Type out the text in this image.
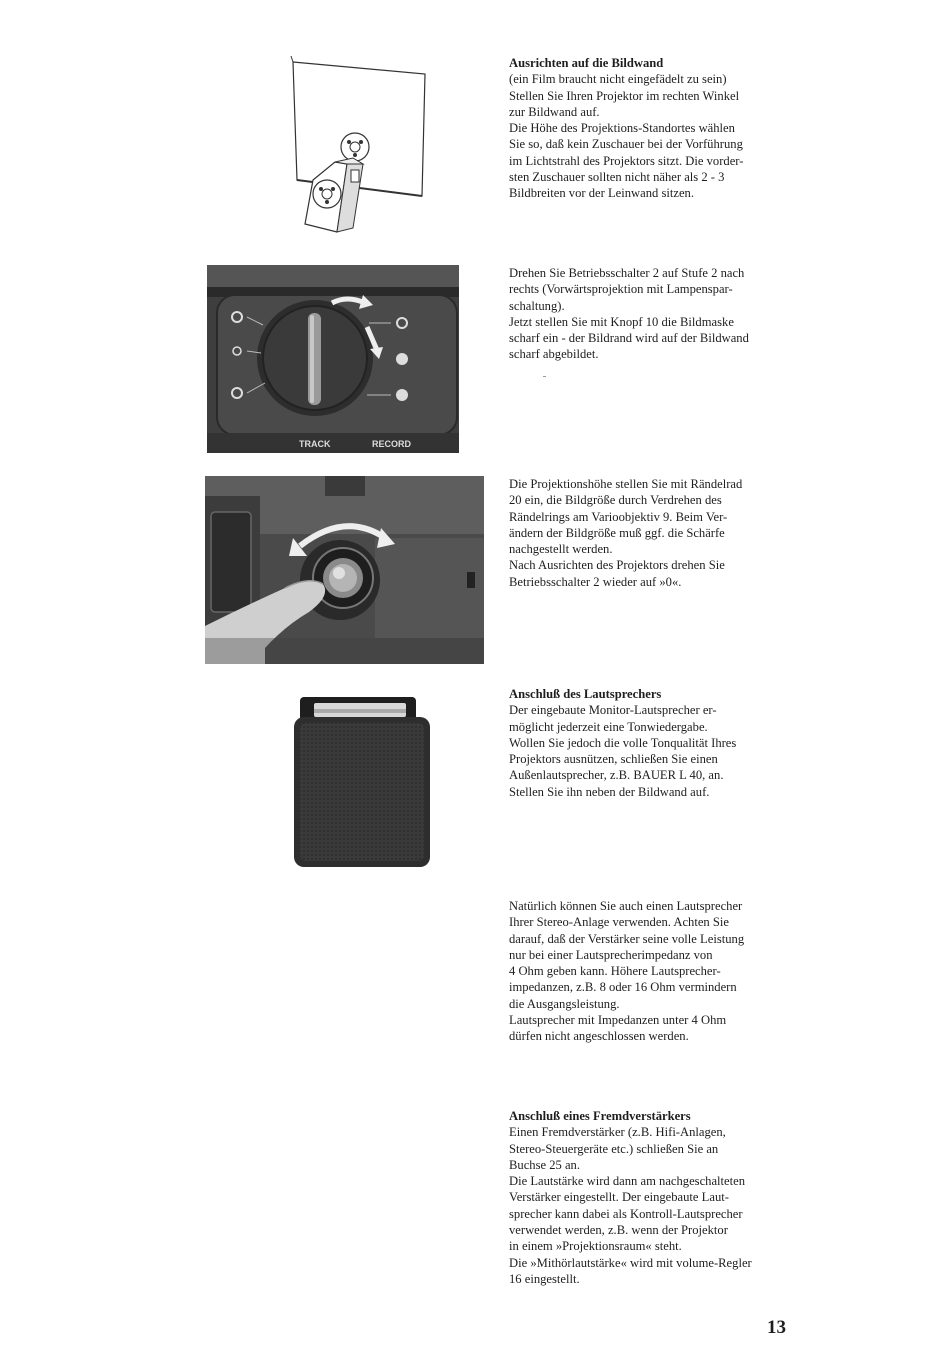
Ausrichten auf die Bildwand

(ein Film braucht nicht eingefädelt zu sein)
Stellen Sie Ihren Projektor im rechten Winkel
zur Bildwand auf.
Die Höhe des Projektions-Standortes wählen
Sie so, daß kein Zuschauer bei der Vorführung
im Lichtstrahl des Projektors sitzt. Die vorder-
sten Zuschauer sollten nicht näher als 2 - 3
Bildbreiten vor der Leinwand sitzen.
TRACK	RECORD
Drehen Sie Betriebsschalter 2 auf Stufe 2 nach
rechts (Vorwärtsprojektion mit Lampenspar-
schaltung).
Jetzt stellen Sie mit Knopf 10 die Bildmaske
scharf ein - der Bildrand wird auf der Bildwand
scharf abgebildet.
Die Projektionshöhe stellen Sie mit Rändelrad
20 ein, die Bildgröße durch Verdrehen des
Rändelrings am Varioobjektiv 9. Beim Ver-
ändern der Bildgröße muß ggf. die Schärfe
nachgestellt werden.
Nach Ausrichten des Projektors drehen Sie
Betriebsschalter 2 wieder auf »0«.

Anschluß des Lautsprechers

Der eingebaute Monitor-Lautsprecher er-
möglicht jederzeit eine Tonwiedergabe.
Wollen Sie jedoch die volle Tonqualität Ihres
Projektors ausnützen, schließen Sie einen
Außenlautsprecher, z.B. BAUER L 40, an.
Stellen Sie ihn neben der Bildwand auf.
Natürlich können Sie auch einen Lautsprecher
Ihrer Stereo-Anlage verwenden. Achten Sie
darauf, daß der Verstärker seine volle Leistung
nur bei einer Lautsprecherimpedanz von
4 Ohm geben kann. Höhere Lautsprecher-
impedanzen, z.B. 8 oder 16 Ohm vermindern
die Ausgangsleistung.
Lautsprecher mit Impedanzen unter 4 Ohm
dürfen nicht angeschlossen werden.

Anschluß eines Fremdverstärkers

Einen Fremdverstärker (z.B. Hifi-Anlagen,
Stereo-Steuergeräte etc.) schließen Sie an
Buchse 25 an.
Die Lautstärke wird dann am nachgeschalteten
Verstärker eingestellt. Der eingebaute Laut-
sprecher kann dabei als Kontroll-Lautsprecher
verwendet werden, z.B. wenn der Projektor
in einem »Projektionsraum« steht.
Die »Mithörlautstärke« wird mit volume-Regler
16 eingestellt.
13
